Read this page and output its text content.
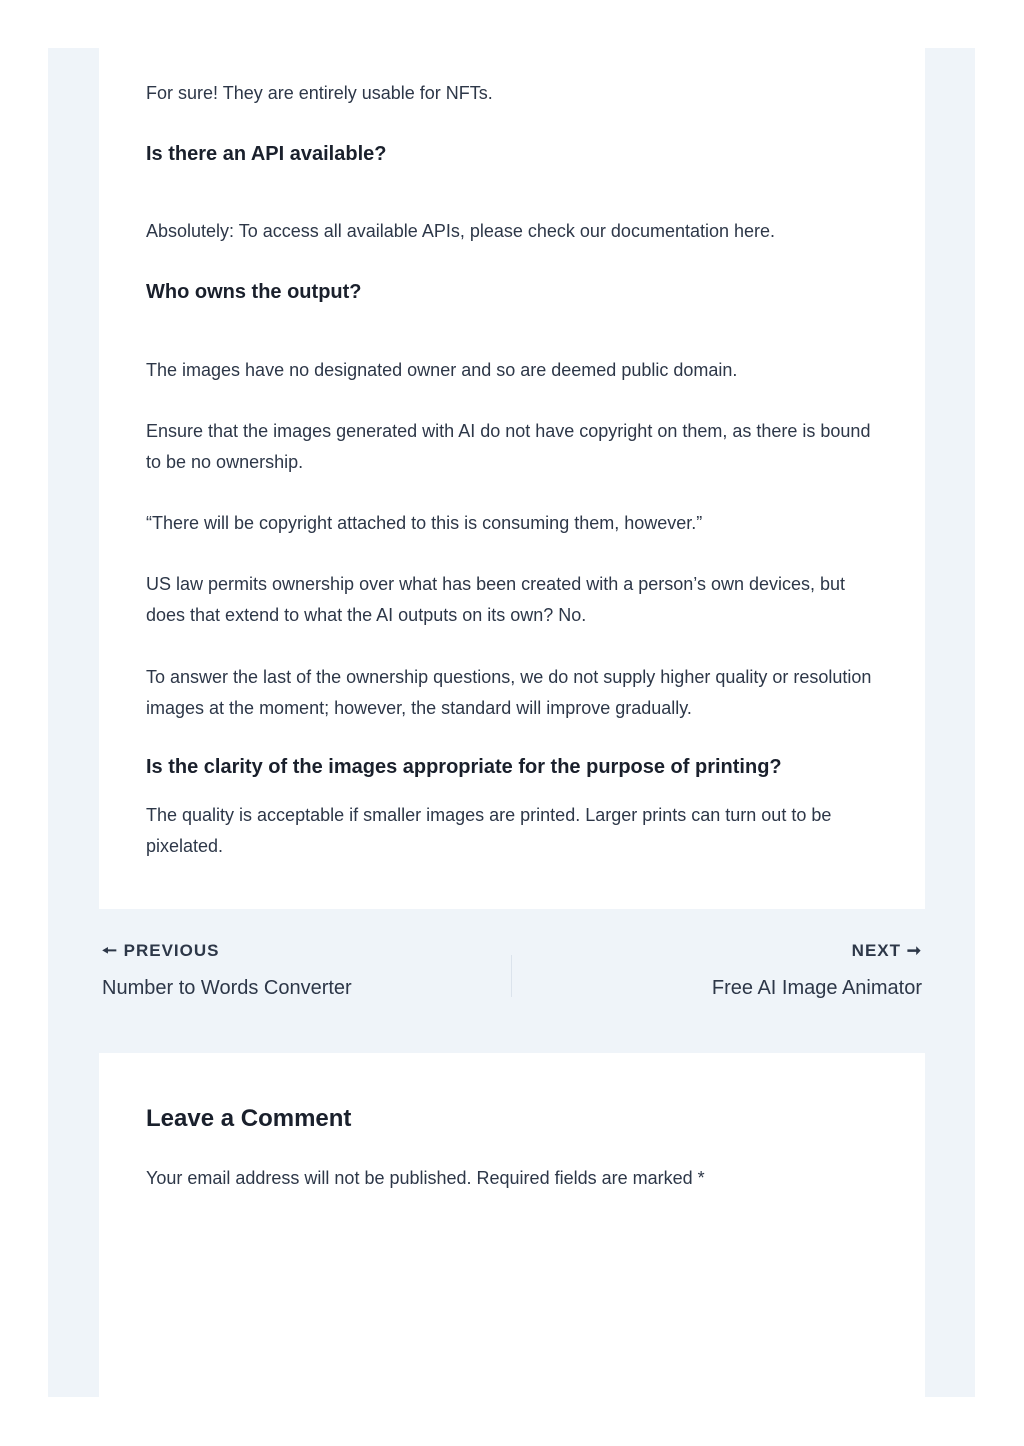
For sure! They are entirely usable for NFTs.

Is there an API available?

Absolutely: To access all available APIs, please check our documentation here.

Who owns the output?

The images have no designated owner and so are deemed public domain.

Ensure that the images generated with AI do not have copyright on them, as there is bound to be no ownership.

“There will be copyright attached to this is consuming them, however.”

US law permits ownership over what has been created with a person’s own devices, but does that extend to what the AI outputs on its own? No.

To answer the last of the ownership questions, we do not supply higher quality or resolution images at the moment; however, the standard will improve gradually.

Is the clarity of the images appropriate for the purpose of printing?

The quality is acceptable if smaller images are printed. Larger prints can turn out to be pixelated.

🠔 PREVIOUS
Number to Words Converter
NEXT ➞
Free AI Image Animator
Leave a Comment

Your email address will not be published. Required fields are marked *
